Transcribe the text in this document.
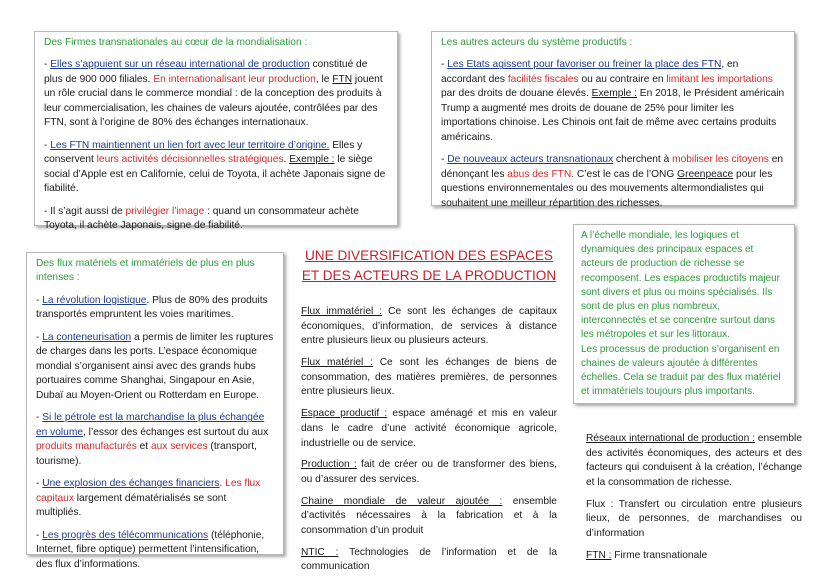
Des Firmes transnationales au cœur de la mondialisation :

- Elles s’appuient sur un réseau international de production constitué de plus de 900 000 filiales. En internationalisant leur production, le FTN jouent un rôle crucial dans le commerce mondial : de la conception des produits à leur commercialisation, les chaines de valeurs ajoutée, contrôlées par des FTN, sont à l’origine de 80% des échanges internationaux.

- Les FTN maintiennent un lien fort avec leur territoire d’origine. Elles y conservent leurs activités décisionnelles stratégiques. Exemple : le siège social d’Apple est en Californie, celui de Toyota, il achète Japonais signe de fiabilité.

- Il s’agit aussi de privilégier l’image : quand un consommateur achète Toyota, il achète Japonais, signe de fiabilité.

Les autres acteurs du système productifs :

- Les Etats agissent pour favoriser ou freiner la place des FTN, en accordant des facilités fiscales ou au contraire en limitant les importations par des droits de douane élevés. Exemple : En 2018, le Président américain Trump a augmenté mes droits de douane de 25% pour limiter les importations chinoise. Les Chinois ont fait de même avec certains produits américains.

- De nouveaux acteurs transnationaux cherchent à mobiliser les citoyens en dénonçant les abus des FTN. C’est le cas de l’ONG Greenpeace pour les questions environnementales ou des mouvements altermondialistes qui souhaitent une meilleur répartition des richesses.

Des flux matériels et immatériels de plus en plus intenses :

- La révolution logistique. Plus de 80% des produits transportés empruntent les voies maritimes.

- La conteneurisation a permis de limiter les ruptures de charges dans les ports. L’espace économique mondial s’organisent ainsi avec des grands hubs portuaires comme Shanghai, Singapour en Asie, Dubaï au Moyen-Orient ou Rotterdam en Europe.

- Si le pétrole est la marchandise la plus échangée en volume, l’essor des échanges est surtout du aux produits manufacturés et aux services (transport, tourisme).

- Une explosion des échanges financiers. Les flux capitaux largement dématérialisés se sont multipliés.

- Les progrès des télécommunications (téléphonie, Internet, fibre optique) permettent l’intensification, des flux d’informations.

UNE DIVERSIFICATION DES ESPACES ET DES ACTEURS DE LA PRODUCTION

Flux immatériel : Ce sont les échanges de capitaux économiques, d’information, de services à distance entre plusieurs lieux ou plusieurs acteurs.

Flux matériel : Ce sont les échanges de biens de consommation, des matières premières, de personnes entre plusieurs lieux.

Espace productif : espace aménagé et mis en valeur dans le cadre d’une activité économique agricole, industrielle ou de service.

Production : fait de créer ou de transformer des biens, ou d’assurer des services.

Chaine mondiale de valeur ajoutée : ensemble d’activités nécessaires à la fabrication et à la consommation d’un produit

NTIC : Technologies de l’information et de la communication

A l’échelle mondiale, les logiques et dynamiques des principaux espaces et acteurs de production de richesse se recomposent. Les espaces productifs majeur sont divers et plus ou moins spécialisés. Ils sont de plus en plus nombreux, interconnectés et se concentre surtout dans les métropoles et sur les littoraux.
Les processus de production s’organisent en chaines de valeurs ajoutée à différentes échelles. Cela se traduit par des flux matériel et immatériels toujours plus importants.

Réseaux international de production : ensemble des activités économiques, des acteurs et des facteurs qui conduisent à la création, l’échange et la consommation de richesse.

Flux : Transfert ou circulation entre plusieurs lieux, de personnes, de marchandises ou d’information

FTN : Firme transnationale
